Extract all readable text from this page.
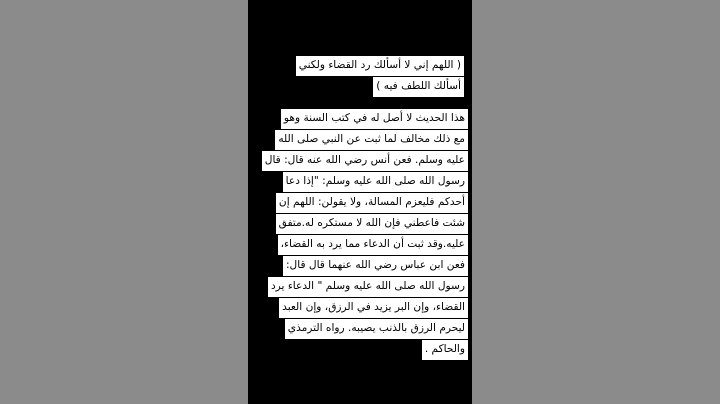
( اللهم إني لا أسألك رد القضاء ولكني
أسألك اللطف فيه )
هذا الحديث لا أصل له في كتب السنة وهو
مع ذلك مخالف لما ثبت عن النبي صلى الله
عليه وسلم. فعن أنس رضي الله عنه قال: قال
رسول الله صلى الله عليه وسلم: "إذا دعا
أحدكم فليعزم المسالة، ولا يقولن: اللهم إن
شئت فاعطني فإن الله لا مستكره له.متفق
عليه.وقد ثبت أن الدعاء مما يرد به القضاء،
فعن ابن عباس رضي الله عنهما قال قال:
رسول الله صلى الله عليه وسلم " الدعاء يرد
القضاء، وإن البر يزيد في الرزق، وإن العبد
ليحرم الرزق بالذنب يصيبه. رواه الترمذي
والحاكم .
